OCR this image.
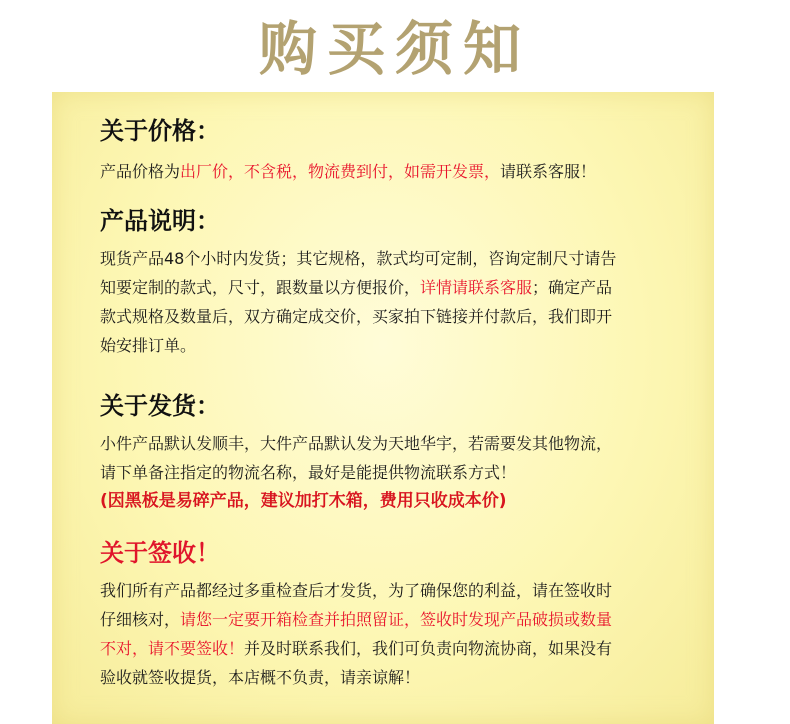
购买须知
关于价格：

产品价格为出厂价，不含税，物流费到付，如需开发票，请联系客服！

产品说明：

现货产品48个小时内发货；其它规格，款式均可定制，咨询定制尺寸请告

知要定制的款式，尺寸，跟数量以方便报价，详情请联系客服；确定产品

款式规格及数量后，双方确定成交价，买家拍下链接并付款后，我们即开

始安排订单。

关于发货：

小件产品默认发顺丰，大件产品默认发为天地华宇，若需要发其他物流，

请下单备注指定的物流名称，最好是能提供物流联系方式！

(因黑板是易碎产品，建议加打木箱，费用只收成本价)

关于签收！

我们所有产品都经过多重检查后才发货，为了确保您的利益，请在签收时

仔细核对，请您一定要开箱检查并拍照留证，签收时发现产品破损或数量

不对，请不要签收！并及时联系我们，我们可负责向物流协商，如果没有

验收就签收提货，本店概不负责，请亲谅解！
